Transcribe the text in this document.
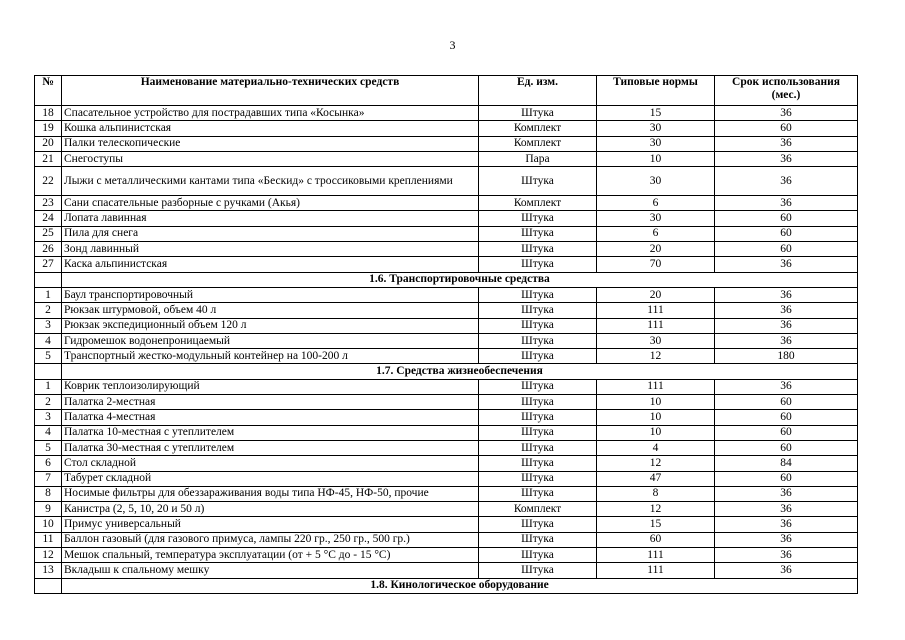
3
№	Наименование материально-технических средств	Ед. изм.	Типовые нормы	Срок использования (мес.)
18	Спасательное устройство для пострадавших типа «Косынка»	Штука	15	36
19	Кошка альпинистская	Комплект	30	60
20	Палки телескопические	Комплект	30	36
21	Снегоступы	Пара	10	36
22	Лыжи с металлическими кантами типа «Бескид» с троссиковыми креплениями	Штука	30	36
23	Сани спасательные разборные с ручками (Акья)	Комплект	6	36
24	Лопата лавинная	Штука	30	60
25	Пила для снега	Штука	6	60
26	Зонд лавинный	Штука	20	60
27	Каска альпинистская	Штука	70	36
	1.6. Транспортировочные средства			
1	Баул транспортировочный	Штука	20	36
2	Рюкзак штурмовой, объем 40 л	Штука	111	36
3	Рюкзак экспедиционный объем 120 л	Штука	111	36
4	Гидромешок водонепроницаемый	Штука	30	36
5	Транспортный жестко-модульный контейнер на 100-200 л	Штука	12	180
	1.7. Средства жизнеобеспечения			
1	Коврик теплоизолирующий	Штука	111	36
2	Палатка 2-местная	Штука	10	60
3	Палатка 4-местная	Штука	10	60
4	Палатка 10-местная с утеплителем	Штука	10	60
5	Палатка 30-местная с утеплителем	Штука	4	60
6	Стол складной	Штука	12	84
7	Табурет складной	Штука	47	60
8	Носимые фильтры для обеззараживания воды типа НФ-45, НФ-50, прочие	Штука	8	36
9	Канистра (2, 5, 10, 20 и 50 л)	Комплект	12	36
10	Примус универсальный	Штука	15	36
11	Баллон газовый (для газового примуса, лампы 220 гр., 250 гр., 500 гр.)	Штука	60	36
12	Мешок спальный, температура эксплуатации (от + 5 °С до - 15 °С)	Штука	111	36
13	Вкладыш к спальному мешку	Штука	111	36
	1.8. Кинологическое оборудование			
